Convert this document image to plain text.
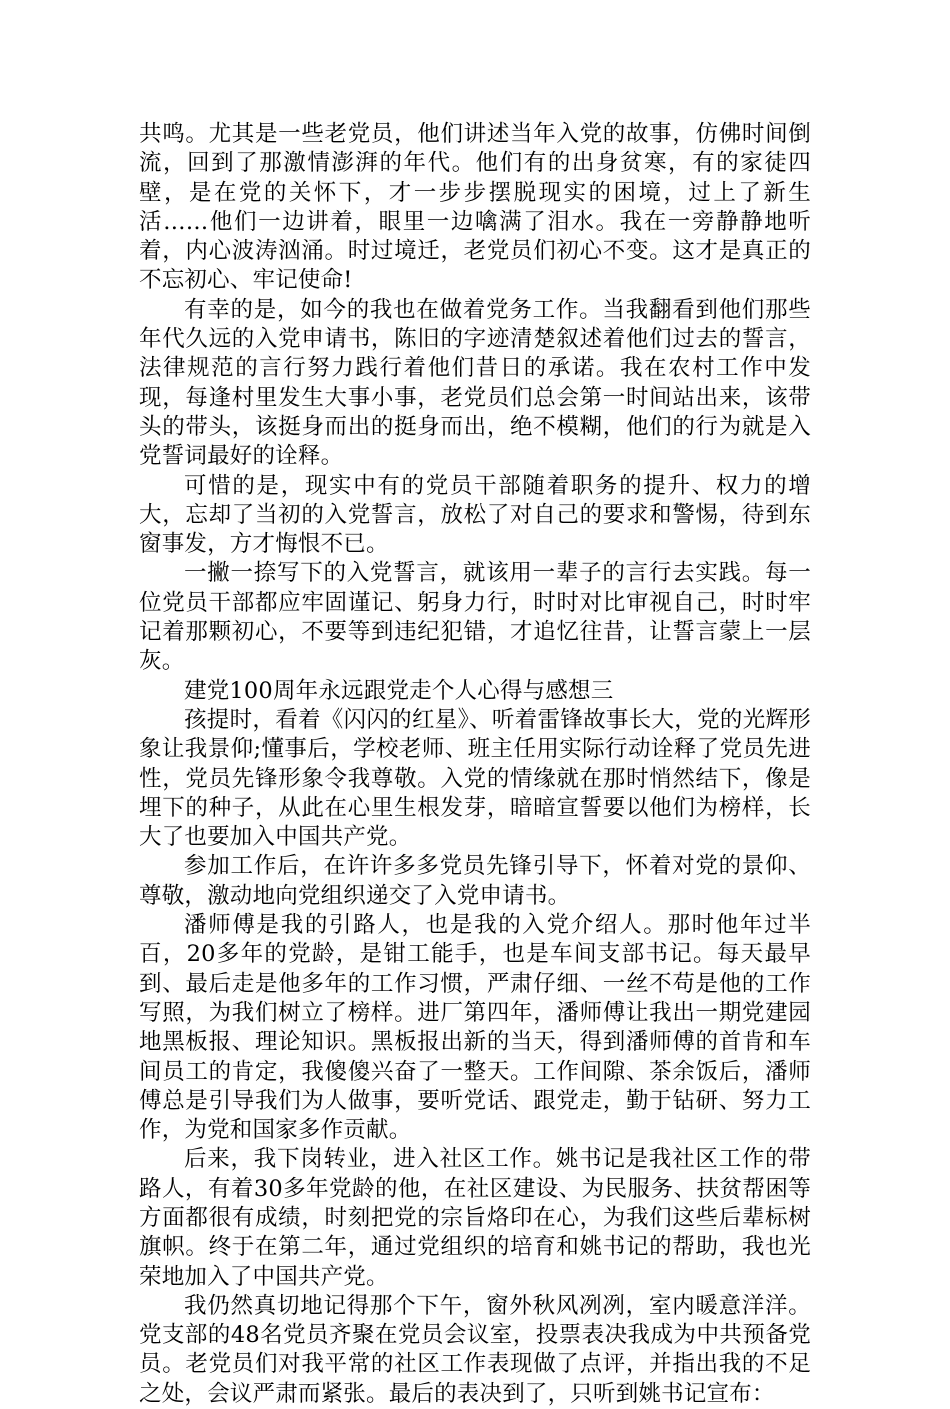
共鸣。尤其是一些老党员，他们讲述当年入党的故事，仿佛时间倒流，回到了那激情澎湃的年代。他们有的出身贫寒，有的家徒四壁，是在党的关怀下，才一步步摆脱现实的困境，过上了新生活……他们一边讲着，眼里一边噙满了泪水。我在一旁静静地听着，内心波涛汹涌。时过境迁，老党员们初心不变。这才是真正的不忘初心、牢记使命!

有幸的是，如今的我也在做着党务工作。当我翻看到他们那些年代久远的入党申请书，陈旧的字迹清楚叙述着他们过去的誓言，法律规范的言行努力践行着他们昔日的承诺。我在农村工作中发现，每逢村里发生大事小事，老党员们总会第一时间站出来，该带头的带头，该挺身而出的挺身而出，绝不模糊，他们的行为就是入党誓词最好的诠释。

可惜的是，现实中有的党员干部随着职务的提升、权力的增大，忘却了当初的入党誓言，放松了对自己的要求和警惕，待到东窗事发，方才悔恨不已。

一撇一捺写下的入党誓言，就该用一辈子的言行去实践。每一位党员干部都应牢固谨记、躬身力行，时时对比审视自己，时时牢记着那颗初心，不要等到违纪犯错，才追忆往昔，让誓言蒙上一层灰。

建党100周年永远跟党走个人心得与感想三

孩提时，看着《闪闪的红星》、听着雷锋故事长大，党的光辉形象让我景仰;懂事后，学校老师、班主任用实际行动诠释了党员先进性，党员先锋形象令我尊敬。入党的情缘就在那时悄然结下，像是埋下的种子，从此在心里生根发芽，暗暗宣誓要以他们为榜样，长大了也要加入中国共产党。

参加工作后，在许许多多党员先锋引导下，怀着对党的景仰、尊敬，激动地向党组织递交了入党申请书。

潘师傅是我的引路人，也是我的入党介绍人。那时他年过半百，20多年的党龄，是钳工能手，也是车间支部书记。每天最早到、最后走是他多年的工作习惯，严肃仔细、一丝不苟是他的工作写照，为我们树立了榜样。进厂第四年，潘师傅让我出一期党建园地黑板报、理论知识。黑板报出新的当天，得到潘师傅的首肯和车间员工的肯定，我傻傻兴奋了一整天。工作间隙、茶余饭后，潘师傅总是引导我们为人做事，要听党话、跟党走，勤于钻研、努力工作，为党和国家多作贡献。

后来，我下岗转业，进入社区工作。姚书记是我社区工作的带路人，有着30多年党龄的他，在社区建设、为民服务、扶贫帮困等方面都很有成绩，时刻把党的宗旨烙印在心，为我们这些后辈标树旗帜。终于在第二年，通过党组织的培育和姚书记的帮助，我也光荣地加入了中国共产党。

我仍然真切地记得那个下午，窗外秋风冽冽，室内暖意洋洋。党支部的48名党员齐聚在党员会议室，投票表决我成为中共预备党员。老党员们对我平常的社区工作表现做了点评，并指出我的不足之处，会议严肃而紧张。最后的表决到了，只听到姚书记宣布：
